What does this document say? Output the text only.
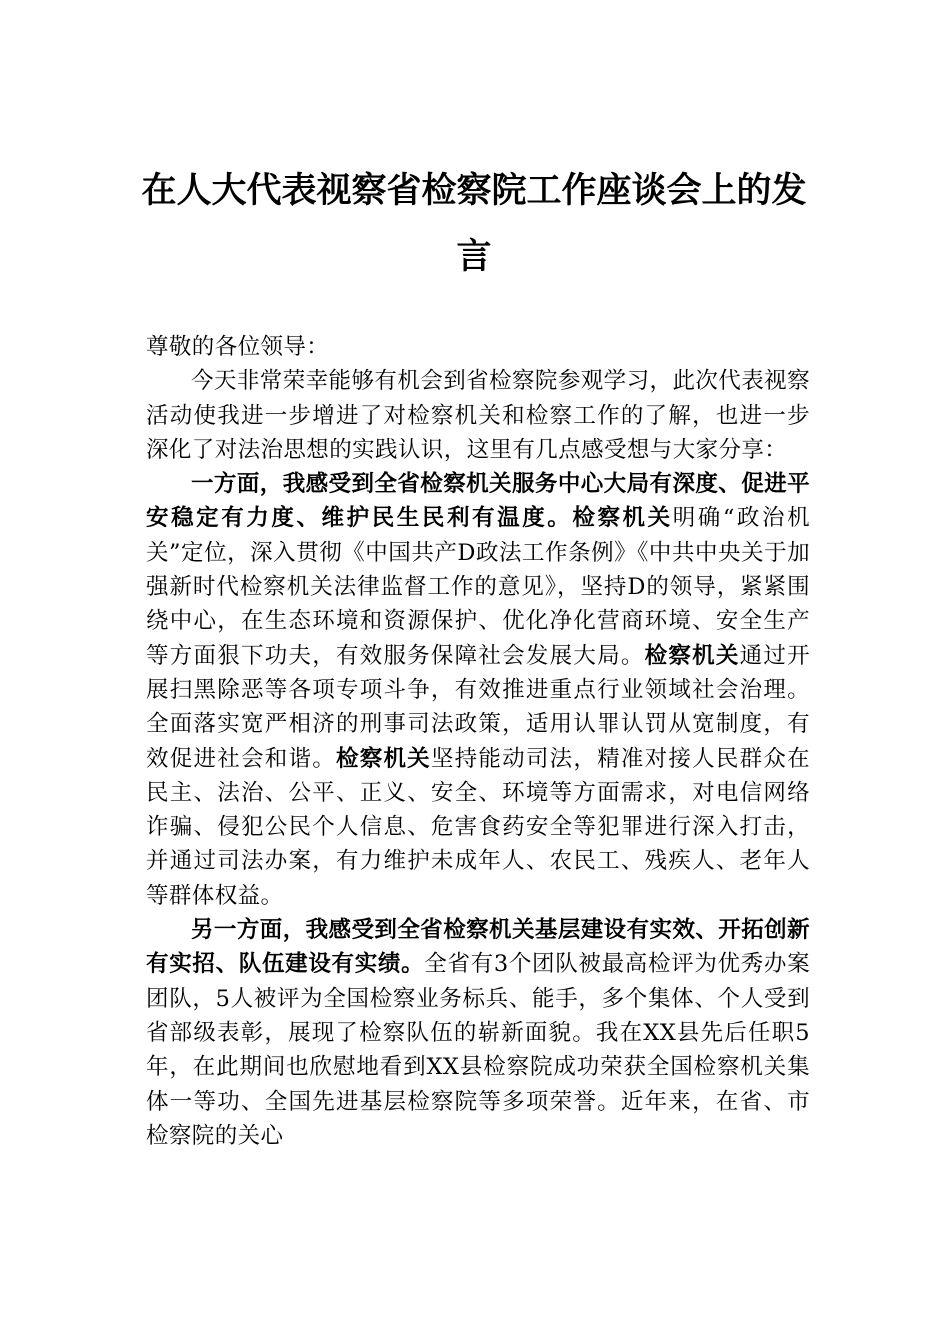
在人大代表视察省检察院工作座谈会上的发言

尊敬的各位领导：

今天非常荣幸能够有机会到省检察院参观学习，此次代表视察活动使我进一步增进了对检察机关和检察工作的了解，也进一步深化了对法治思想的实践认识，这里有几点感受想与大家分享：

一方面，我感受到全省检察机关服务中心大局有深度、促进平安稳定有力度、维护民生民利有温度。检察机关明确“政治机关”定位，深入贯彻《中国共产D政法工作条例》《中共中央关于加强新时代检察机关法律监督工作的意见》，坚持D的领导，紧紧围绕中心，在生态环境和资源保护、优化净化营商环境、安全生产等方面狠下功夫，有效服务保障社会发展大局。检察机关通过开展扫黑除恶等各项专项斗争，有效推进重点行业领域社会治理。全面落实宽严相济的刑事司法政策，适用认罪认罚从宽制度，有效促进社会和谐。检察机关坚持能动司法，精准对接人民群众在民主、法治、公平、正义、安全、环境等方面需求，对电信网络诈骗、侵犯公民个人信息、危害食药安全等犯罪进行深入打击，并通过司法办案，有力维护未成年人、农民工、残疾人、老年人等群体权益。

另一方面，我感受到全省检察机关基层建设有实效、开拓创新有实招、队伍建设有实绩。全省有3个团队被最高检评为优秀办案团队，5人被评为全国检察业务标兵、能手，多个集体、个人受到省部级表彰，展现了检察队伍的崭新面貌。我在XX县先后任职5年，在此期间也欣慰地看到XX县检察院成功荣获全国检察机关集体一等功、全国先进基层检察院等多项荣誉。近年来，在省、市检察院的关心
